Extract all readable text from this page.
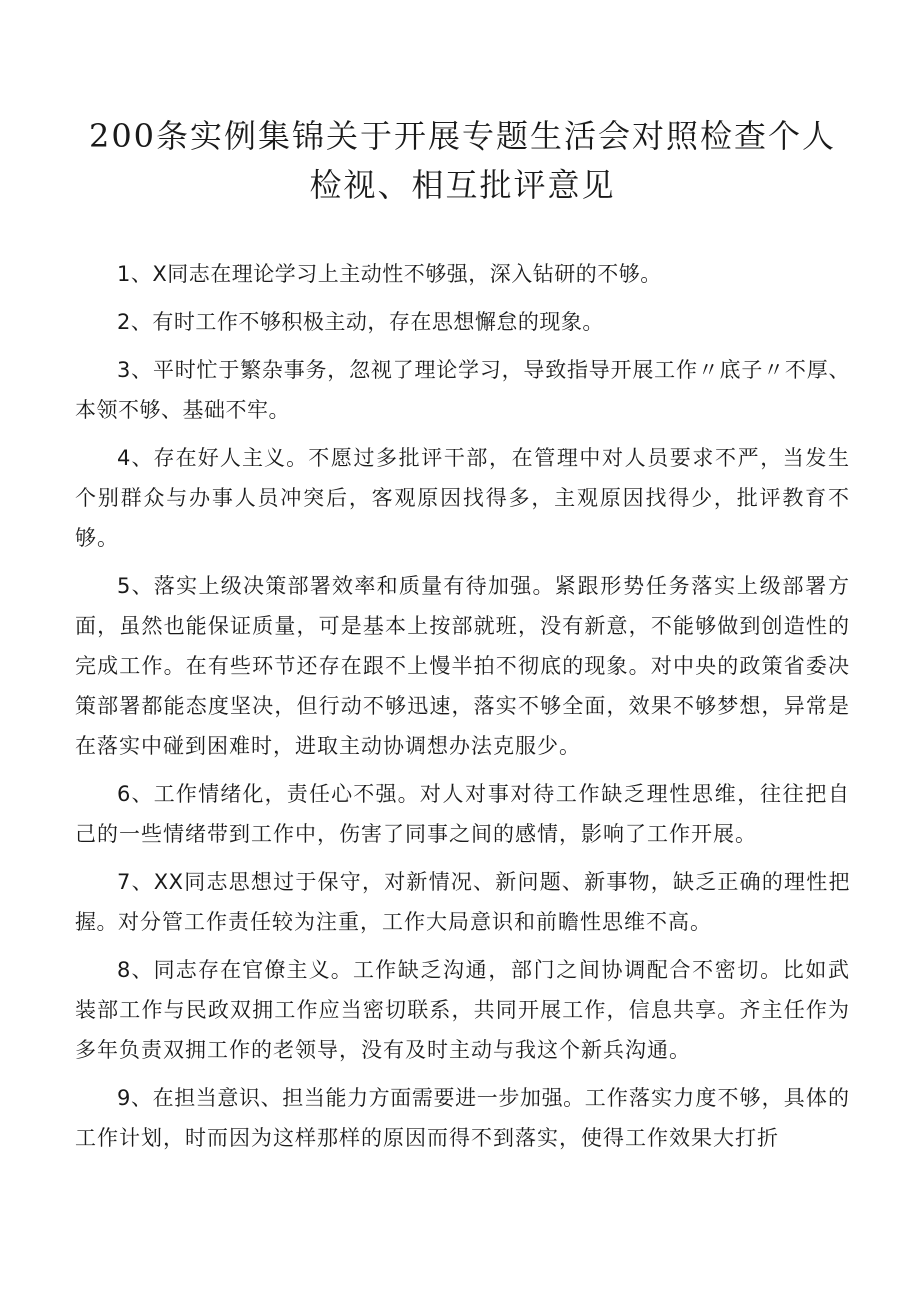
200条实例集锦关于开展专题生活会对照检查个人
检视、相互批评意见

1、X同志在理论学习上主动性不够强，深入钻研的不够。

2、有时工作不够积极主动，存在思想懈怠的现象。

3、平时忙于繁杂事务，忽视了理论学习，导致指导开展工作〃底子〃不厚、本领不够、基础不牢。

4、存在好人主义。不愿过多批评干部，在管理中对人员要求不严，当发生个别群众与办事人员冲突后，客观原因找得多，主观原因找得少，批评教育不够。

5、落实上级决策部署效率和质量有待加强。紧跟形势任务落实上级部署方面，虽然也能保证质量，可是基本上按部就班，没有新意，不能够做到创造性的完成工作。在有些环节还存在跟不上慢半拍不彻底的现象。对中央的政策省委决策部署都能态度坚决，但行动不够迅速，落实不够全面，效果不够梦想，异常是在落实中碰到困难时，进取主动协调想办法克服少。

6、工作情绪化，责任心不强。对人对事对待工作缺乏理性思维，往往把自己的一些情绪带到工作中，伤害了同事之间的感情，影响了工作开展。

7、XX同志思想过于保守，对新情况、新问题、新事物，缺乏正确的理性把握。对分管工作责任较为注重，工作大局意识和前瞻性思维不高。

8、同志存在官僚主义。工作缺乏沟通，部门之间协调配合不密切。比如武装部工作与民政双拥工作应当密切联系，共同开展工作，信息共享。齐主任作为多年负责双拥工作的老领导，没有及时主动与我这个新兵沟通。

9、在担当意识、担当能力方面需要进一步加强。工作落实力度不够，具体的工作计划，时而因为这样那样的原因而得不到落实，使得工作效果大打折
